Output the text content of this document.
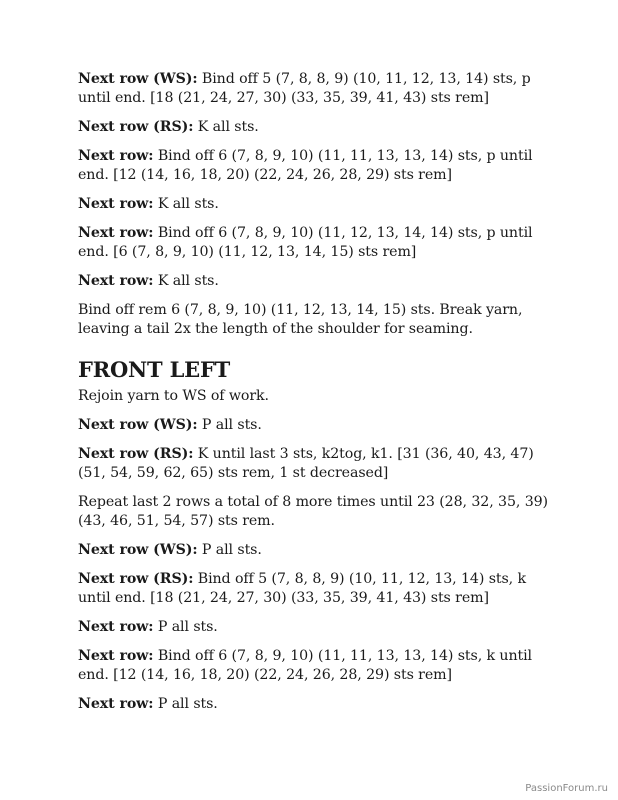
Next row (WS): Bind off 5 (7, 8, 8, 9) (10, 11, 12, 13, 14) sts, p until end. [18 (21, 24, 27, 30) (33, 35, 39, 41, 43) sts rem]

Next row (RS): K all sts.

Next row: Bind off 6 (7, 8, 9, 10) (11, 11, 13, 13, 14) sts, p until end. [12 (14, 16, 18, 20) (22, 24, 26, 28, 29) sts rem]

Next row: K all sts.

Next row: Bind off 6 (7, 8, 9, 10) (11, 12, 13, 14, 14) sts, p until end. [6 (7, 8, 9, 10) (11, 12, 13, 14, 15) sts rem]

Next row: K all sts.

Bind off rem 6 (7, 8, 9, 10) (11, 12, 13, 14, 15) sts. Break yarn, leaving a tail 2x the length of the shoulder for seaming.

FRONT LEFT

Rejoin yarn to WS of work.

Next row (WS): P all sts.

Next row (RS): K until last 3 sts, k2tog, k1. [31 (36, 40, 43, 47) (51, 54, 59, 62, 65) sts rem, 1 st decreased]

Repeat last 2 rows a total of 8 more times until 23 (28, 32, 35, 39) (43, 46, 51, 54, 57) sts rem.

Next row (WS): P all sts.

Next row (RS): Bind off 5 (7, 8, 8, 9) (10, 11, 12, 13, 14) sts, k until end. [18 (21, 24, 27, 30) (33, 35, 39, 41, 43) sts rem]

Next row: P all sts.

Next row: Bind off 6 (7, 8, 9, 10) (11, 11, 13, 13, 14) sts, k until end. [12 (14, 16, 18, 20) (22, 24, 26, 28, 29) sts rem]

Next row: P all sts.

PassionForum.ru
